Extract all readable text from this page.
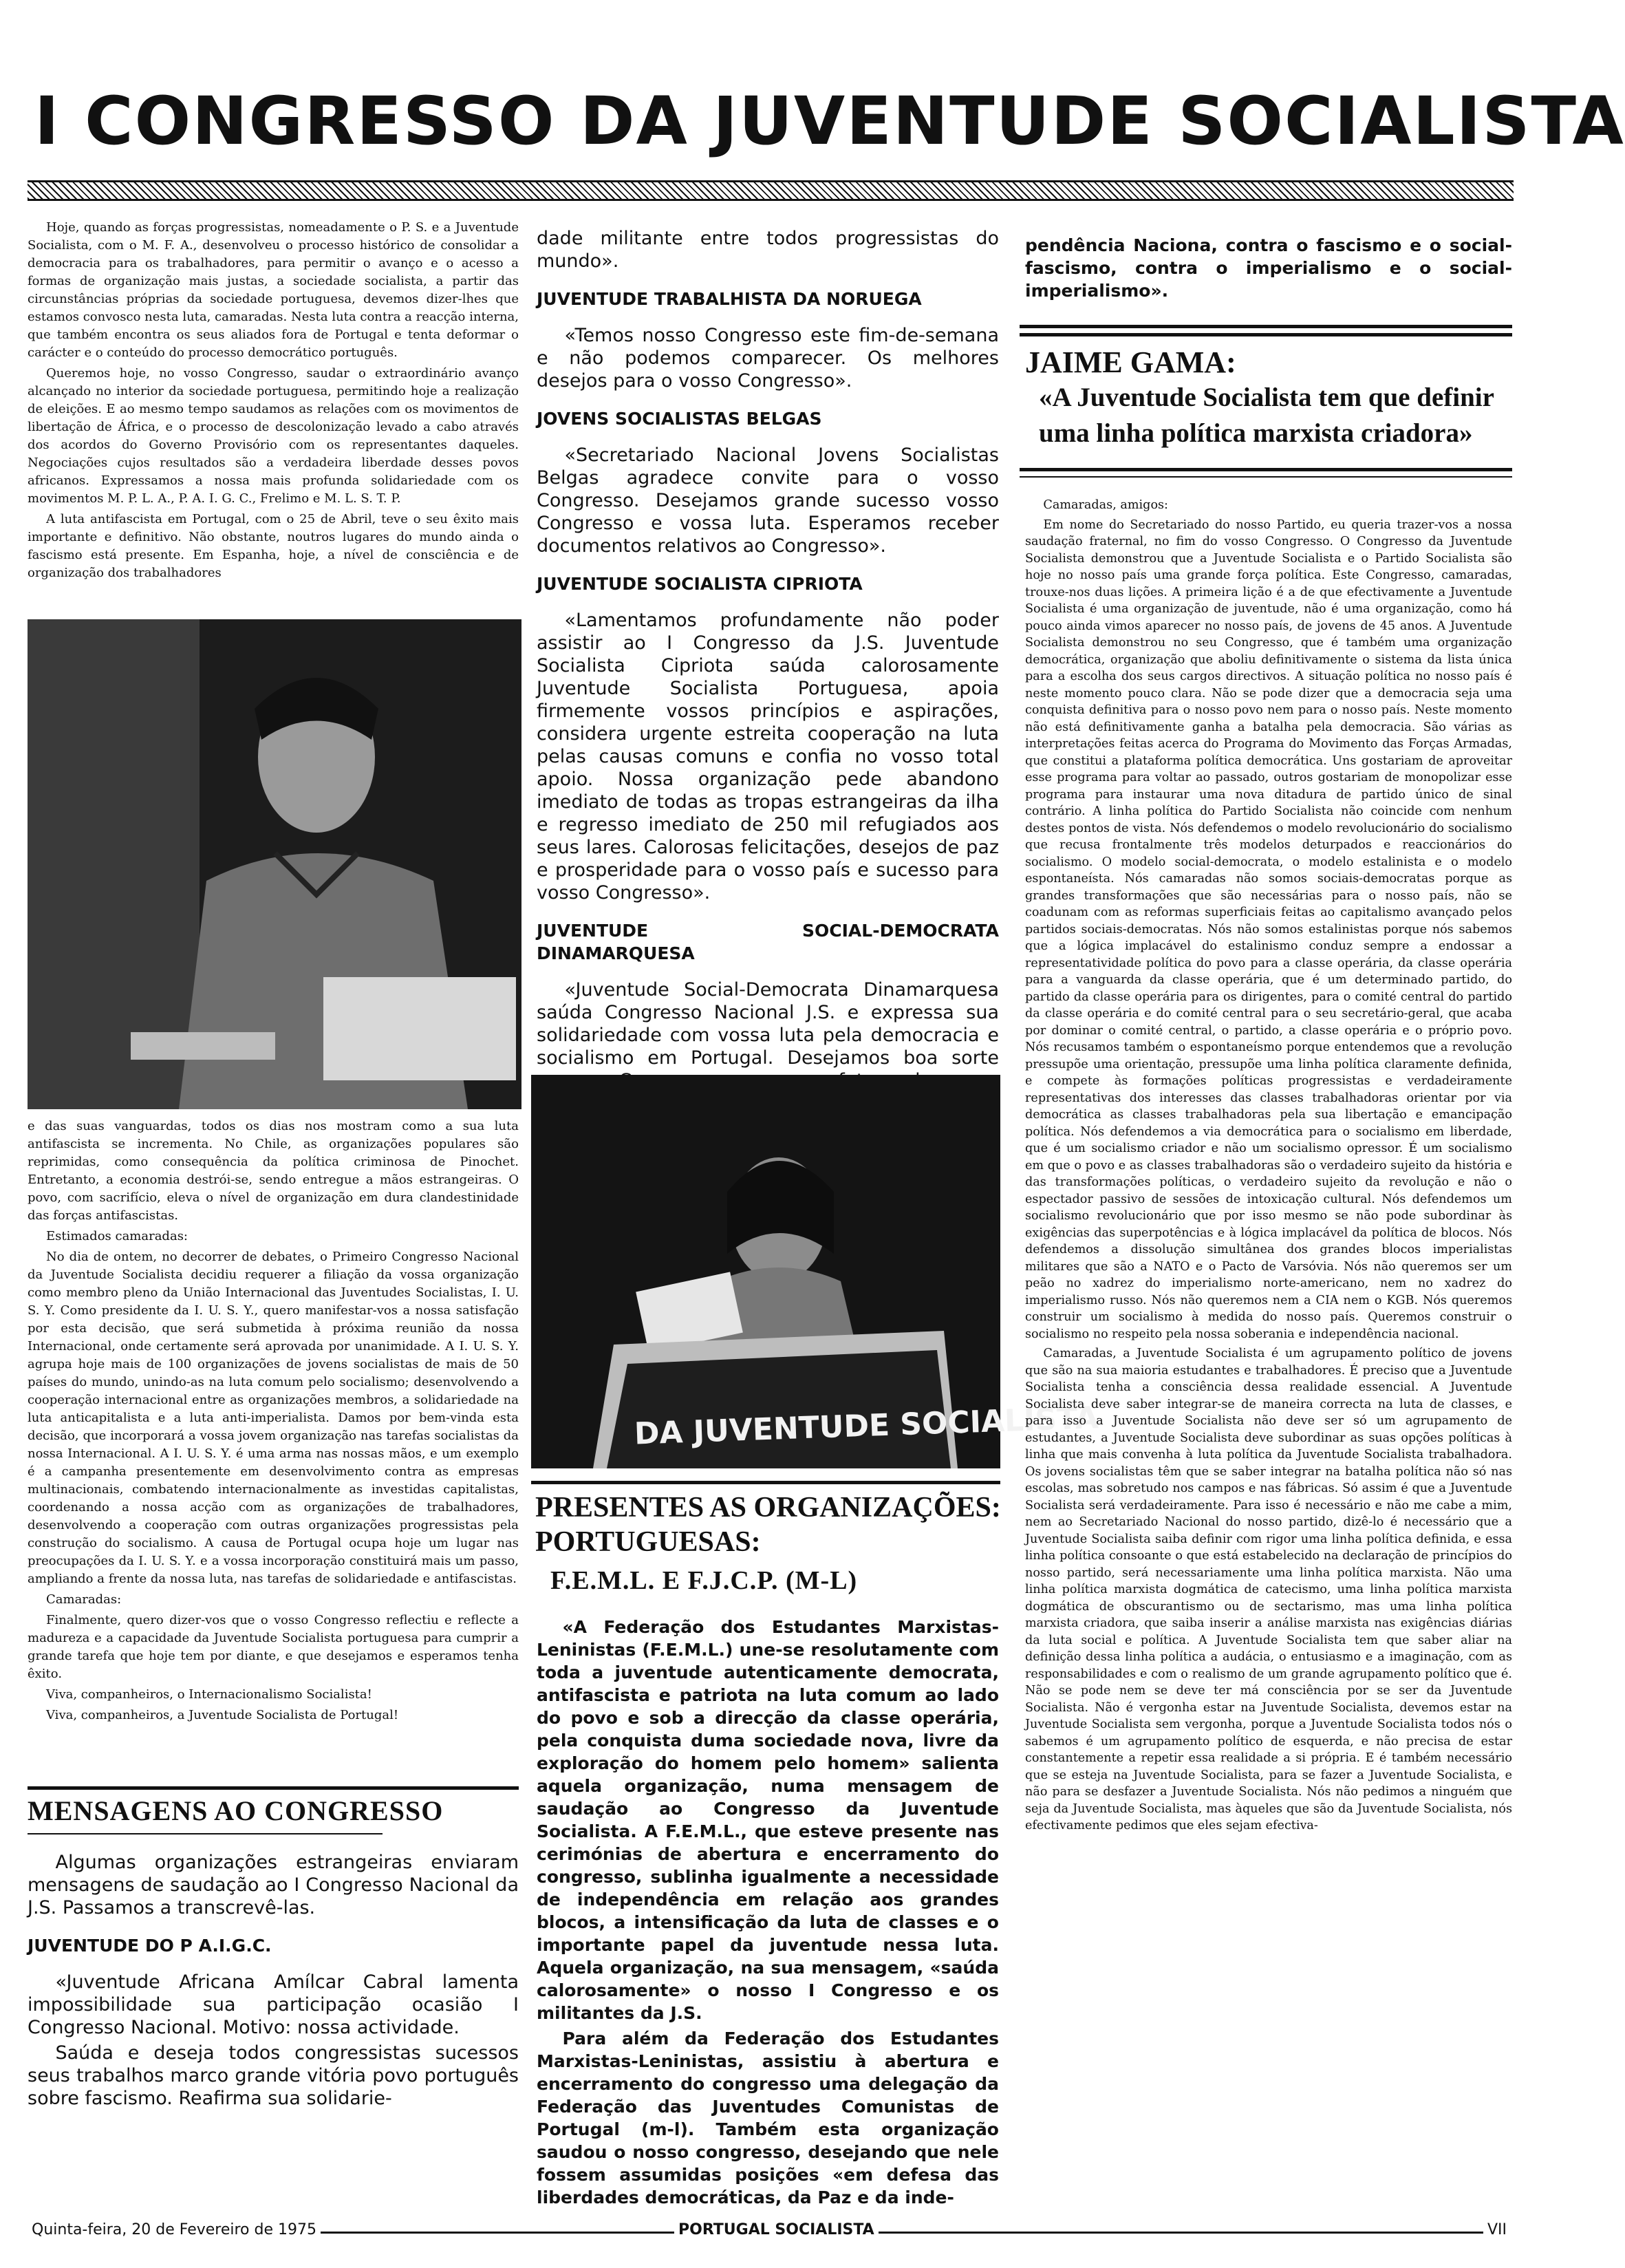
I CONGRESSO DA JUVENTUDE SOCIALISTA

Hoje, quando as forças progressistas, nomeadamente o P. S. e a Juventude Socialista, com o M. F. A., desenvolveu o processo histórico de consolidar a democracia para os trabalhadores, para permitir o avanço e o acesso a formas de organização mais justas, a sociedade socialista, a partir das circunstâncias próprias da sociedade portuguesa, devemos dizer-lhes que estamos convosco nesta luta, camaradas. Nesta luta contra a reacção interna, que também encontra os seus aliados fora de Portugal e tenta deformar o carácter e o conteúdo do processo democrático português.

Queremos hoje, no vosso Congresso, saudar o extraordinário avanço alcançado no interior da sociedade portuguesa, permitindo hoje a realização de eleições. E ao mesmo tempo saudamos as relações com os movimentos de libertação de África, e o processo de descolonização levado a cabo através dos acordos do Governo Provisório com os representantes daqueles. Negociações cujos resultados são a verdadeira liberdade desses povos africanos. Expressamos a nossa mais profunda solidariedade com os movimentos M. P. L. A., P. A. I. G. C., Frelimo e M. L. S. T. P.

A luta antifascista em Portugal, com o 25 de Abril, teve o seu êxito mais importante e definitivo. Não obstante, noutros lugares do mundo ainda o fascismo está presente. Em Espanha, hoje, a nível de consciência e de organização dos trabalhadores

e das suas vanguardas, todos os dias nos mostram como a sua luta antifascista se incrementa. No Chile, as organizações populares são reprimidas, como consequência da política criminosa de Pinochet. Entretanto, a economia destrói-se, sendo entregue a mãos estrangeiras. O povo, com sacrifício, eleva o nível de organização em dura clandestinidade das forças antifascistas.

Estimados camaradas:

No dia de ontem, no decorrer de debates, o Primeiro Congresso Nacional da Juventude Socialista decidiu requerer a filiação da vossa organização como membro pleno da União Internacional das Juventudes Socialistas, I. U. S. Y. Como presidente da I. U. S. Y., quero manifestar-vos a nossa satisfação por esta decisão, que será submetida à próxima reunião da nossa Internacional, onde certamente será aprovada por unanimidade. A I. U. S. Y. agrupa hoje mais de 100 organizações de jovens socialistas de mais de 50 países do mundo, unindo-as na luta comum pelo socialismo; desenvolvendo a cooperação internacional entre as organizações membros, a solidariedade na luta anticapitalista e a luta anti-imperialista. Damos por bem-vinda esta decisão, que incorporará a vossa jovem organização nas tarefas socialistas da nossa Internacional. A I. U. S. Y. é uma arma nas nossas mãos, e um exemplo é a campanha presentemente em desenvolvimento contra as empresas multinacionais, combatendo internacionalmente as investidas capitalistas, coordenando a nossa acção com as organizações de trabalhadores, desenvolvendo a cooperação com outras organizações progressistas pela construção do socialismo. A causa de Portugal ocupa hoje um lugar nas preocupações da I. U. S. Y. e a vossa incorporação constituirá mais um passo, ampliando a frente da nossa luta, nas tarefas de solidariedade e antifascistas.

Camaradas:

Finalmente, quero dizer-vos que o vosso Congresso reflectiu e reflecte a madureza e a capacidade da Juventude Socialista portuguesa para cumprir a grande tarefa que hoje tem por diante, e que desejamos e esperamos tenha êxito.

Viva, companheiros, o Internacionalismo Socialista!

Viva, companheiros, a Juventude Socialista de Portugal!

MENSAGENS AO CONGRESSO

Algumas organizações estrangeiras enviaram mensagens de saudação ao I Congresso Nacional da J.S. Passamos a transcrevê-las.

JUVENTUDE DO P A.I.G.C.

«Juventude Africana Amílcar Cabral lamenta impossibilidade sua participação ocasião I Congresso Nacional. Motivo: nossa actividade.

Saúda e deseja todos congressistas sucessos seus trabalhos marco grande vitória povo português sobre fascismo. Reafirma sua solidarie-

dade militante entre todos progressistas do mundo».

JUVENTUDE TRABALHISTA DA NORUEGA

«Temos nosso Congresso este fim-de-semana e não podemos comparecer. Os melhores desejos para o vosso Congresso».

JOVENS SOCIALISTAS BELGAS

«Secretariado Nacional Jovens Socialistas Belgas agradece convite para o vosso Congresso. Desejamos grande sucesso vosso Congresso e vossa luta. Esperamos receber documentos relativos ao Congresso».

JUVENTUDE SOCIALISTA CIPRIOTA

«Lamentamos profundamente não poder assistir ao I Congresso da J.S. Juventude Socialista Cipriota saúda calorosamente Juventude Socialista Portuguesa, apoia firmemente vossos princípios e aspirações, considera urgente estreita cooperação na luta pelas causas comuns e confia no vosso total apoio. Nossa organização pede abandono imediato de todas as tropas estrangeiras da ilha e regresso imediato de 250 mil refugiados aos seus lares. Calorosas felicitações, desejos de paz e prosperidade para o vosso país e sucesso para vosso Congresso».

JUVENTUDE SOCIAL-DEMOCRATA DINAMARQUESA

«Juventude Social-Democrata Dinamarquesa saúda Congresso Nacional J.S. e expressa sua solidariedade com vossa luta pela democracia e socialismo em Portugal. Desejamos boa sorte

DA JUVENTUDE SOCIALISTA
PRESENTES AS ORGANIZAÇÕES:
PORTUGUESAS:
F.E.M.L. E F.J.C.P. (M-L)

«A Federação dos Estudantes Marxistas-Leninistas (F.E.M.L.) une-se resolutamente com toda a juventude autenticamente democrata, antifascista e patriota na luta comum ao lado do povo e sob a direcção da classe operária, pela conquista duma sociedade nova, livre da exploração do homem pelo homem» salienta aquela organização, numa mensagem de saudação ao Congresso da Juventude Socialista. A F.E.M.L., que esteve presente nas cerimónias de abertura e encerramento do congresso, sublinha igualmente a necessidade de independência em relação aos grandes blocos, a intensificação da luta de classes e o importante papel da juventude nessa luta. Aquela organização, na sua mensagem, «saúda calorosamente» o nosso I Congresso e os militantes da J.S.

Para além da Federação dos Estudantes Marxistas-Leninistas, assistiu à abertura e encerramento do congresso uma delegação da Federação das Juventudes Comunistas de Portugal (m-l). Também esta organização saudou o nosso congresso, desejando que nele fossem assumidas posições «em defesa das liberdades democráticas, da Paz e da inde-

pendência Naciona, contra o fascismo e o social-fascismo, contra o imperialismo e o social-imperialismo».

JAIME GAMA:
«A Juventude Socialista tem que definir uma linha política marxista criadora»

Camaradas, amigos:

Em nome do Secretariado do nosso Partido, eu queria trazer-vos a nossa saudação fraternal, no fim do vosso Congresso. O Congresso da Juventude Socialista demonstrou que a Juventude Socialista e o Partido Socialista são hoje no nosso país uma grande força política. Este Congresso, camaradas, trouxe-nos duas lições. A primeira lição é a de que efectivamente a Juventude Socialista é uma organização de juventude, não é uma organização, como há pouco ainda vimos aparecer no nosso país, de jovens de 45 anos. A Juventude Socialista demonstrou no seu Congresso, que é também uma organização democrática, organização que aboliu definitivamente o sistema da lista única para a escolha dos seus cargos directivos. A situação política no nosso país é neste momento pouco clara. Não se pode dizer que a democracia seja uma conquista definitiva para o nosso povo nem para o nosso país. Neste momento não está definitivamente ganha a batalha pela democracia. São várias as interpretações feitas acerca do Programa do Movimento das Forças Armadas, que constitui a plataforma política democrática. Uns gostariam de aproveitar esse programa para voltar ao passado, outros gostariam de monopolizar esse programa para instaurar uma nova ditadura de partido único de sinal contrário. A linha política do Partido Socialista não coincide com nenhum destes pontos de vista. Nós defendemos o modelo revolucionário do socialismo que recusa frontalmente três modelos deturpados e reaccionários do socialismo. O modelo social-democrata, o modelo estalinista e o modelo espontaneísta. Nós camaradas não somos sociais-democratas porque as grandes transformações que são necessárias para o nosso país, não se coadunam com as reformas superficiais feitas ao capitalismo avançado pelos partidos sociais-democratas. Nós não somos estalinistas porque nós sabemos que a lógica implacável do estalinismo conduz sempre a endossar a representatividade política do povo para a classe operária, da classe operária para a vanguarda da classe operária, que é um determinado partido, do partido da classe operária para os dirigentes, para o comité central do partido da classe operária e do comité central para o seu secretário-geral, que acaba por dominar o comité central, o partido, a classe operária e o próprio povo. Nós recusamos também o espontaneísmo porque entendemos que a revolução pressupõe uma orientação, pressupõe uma linha política claramente definida, e compete às formações políticas progressistas e verdadeiramente representativas dos interesses das classes trabalhadoras orientar por via democrática as classes trabalhadoras pela sua libertação e emancipação política. Nós defendemos a via democrática para o socialismo em liberdade, que é um socialismo criador e não um socialismo opressor. É um socialismo em que o povo e as classes trabalhadoras são o verdadeiro sujeito da história e das transformações políticas, o verdadeiro sujeito da revolução e não o espectador passivo de sessões de intoxicação cultural. Nós defendemos um socialismo revolucionário que por isso mesmo se não pode subordinar às exigências das superpotências e à lógica implacável da política de blocos. Nós defendemos a dissolução simultânea dos grandes blocos imperialistas militares que são a NATO e o Pacto de Varsóvia. Nós não queremos ser um peão no xadrez do imperialismo norte-americano, nem no xadrez do imperialismo russo. Nós não queremos nem a CIA nem o KGB. Nós queremos construir um socialismo à medida do nosso país. Queremos construir o socialismo no respeito pela nossa soberania e independência nacional.

Camaradas, a Juventude Socialista é um agrupamento político de jovens que são na sua maioria estudantes e trabalhadores. É preciso que a Juventude Socialista tenha a consciência dessa realidade essencial. A Juventude Socialista deve saber integrar-se de maneira correcta na luta de classes, e para isso a Juventude Socialista não deve ser só um agrupamento de estudantes, a Juventude Socialista deve subordinar as suas opções políticas à linha que mais convenha à luta política da Juventude Socialista trabalhadora. Os jovens socialistas têm que se saber integrar na batalha política não só nas escolas, mas sobretudo nos campos e nas fábricas. Só assim é que a Juventude Socialista será verdadeiramente. Para isso é necessário e não me cabe a mim, nem ao Secretariado Nacional do nosso partido, dizê-lo é necessário que a Juventude Socialista saiba definir com rigor uma linha política definida, e essa linha política consoante o que está estabelecido na declaração de princípios do nosso partido, será necessariamente uma linha política marxista. Não uma linha política marxista dogmática de catecismo, uma linha política marxista dogmática de obscurantismo ou de sectarismo, mas uma linha política marxista criadora, que saiba inserir a análise marxista nas exigências diárias da luta social e política. A Juventude Socialista tem que saber aliar na definição dessa linha política a audácia, o entusiasmo e a imaginação, com as responsabilidades e com o realismo de um grande agrupamento político que é. Não se pode nem se deve ter má consciência por se ser da Juventude Socialista. Não é vergonha estar na Juventude Socialista, devemos estar na Juventude Socialista sem vergonha, porque a Juventude Socialista todos nós o sabemos é um agrupamento político de esquerda, e não precisa de estar constantemente a repetir essa realidade a si própria. E é também necessário que se esteja na Juventude Socialista, para se fazer a Juventude Socialista, e não para se desfazer a Juventude Socialista. Nós não pedimos a ninguém que seja da Juventude Socialista, mas àqueles que são da Juventude Socialista, nós efectivamente pedimos que eles sejam efectiva-

Quinta-feira, 20 de Fevereiro de 1975	PORTUGAL SOCIALISTA	VII
